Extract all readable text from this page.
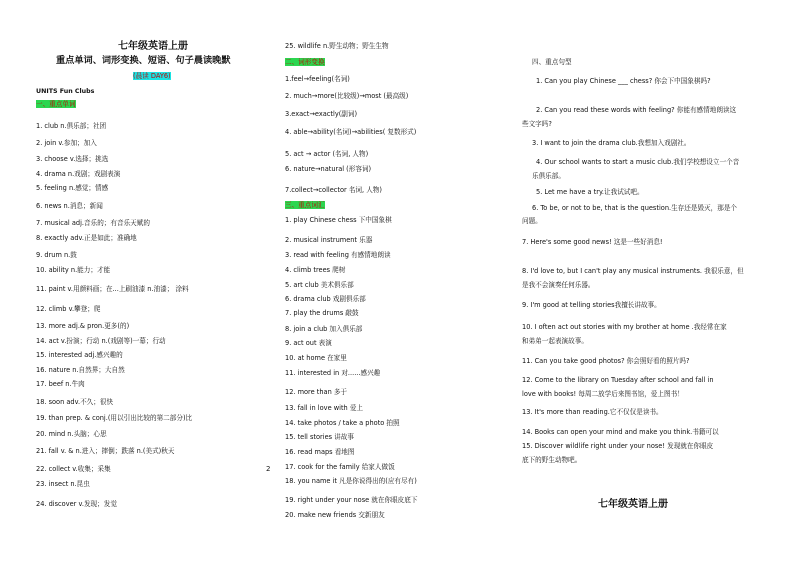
七年级英语上册
重点单词、词形变换、短语、句子晨读晚默
(晨读 DAY6)
UNITS Fun Clubs
一、重点单词
1. club n.俱乐部；社团
2. join v.参加；加入
3. choose v.选择；挑选
4. drama n.戏剧；戏剧表演
5. feeling n.感觉；情感
6. news n.消息；新闻
7. musical adj.音乐的；有音乐天赋的
8. exactly adv.正是如此；准确地
9. drum n.鼓
10. ability n.能力；才能
11. paint v.用颜料画；在...上刷油漆 n.油漆； 涂料
12. climb v.攀登；爬
13. more adj.& pron.更多(的)
14. act v.扮演；行动 n.(戏剧等)一幕；行动
15. interested adj.感兴趣的
16. nature n.自然界；大自然
17. beef n.牛肉
18. soon adv.不久；很快
19. than prep. & conj.(用以引出比较的第二部分)比
20. mind n.头脑；心思
21. fall v. & n.进入；摔倒；跌落 n.(美式)秋天
22. collect v.收集；采集
23. insect n.昆虫
24. discover v.发现；发觉
2
25. wildlife n.野生动物；野生生物
二、词形变换
1.feel→feeling(名词)
2. much→more(比较级)→most (最高级)
3.exact→exactly(副词)
4. able→ability(名词)→abilities( 复数形式)
5. act → actor (名词, 人物)
6. nature→natural (形容词)
7.collect→collector 名词, 人物)
三、重点词汇
1. play Chinese chess 下中国象棋
2. musical instrument 乐器
3. read with feeling 有感情地朗读
4. climb trees 爬树
5. art club 美术俱乐部
6. drama club 戏剧俱乐部
7. play the drums 敲鼓
8. join a club 加入俱乐部
9. act out 表演
10. at home 在家里
11. interested in 对......感兴趣
12. more than 多于
13. fall in love with 爱上
14. take photos / take a photo 拍照
15. tell stories 讲故事
16. read maps 看地图
17. cook for the family 给家人做饭
18. you name it 凡是你说得出的(应有尽有)
19. right under your nose 就在你眼皮底下
20. make new friends 交新朋友
四、重点句型
1. Can you play Chinese ___ chess? 你会下中国象棋吗?
2. Can you read these words with feeling? 你能有感情地朗读这
些文字吗?
3. I want to join the drama club.我想加入戏剧社。
4. Our school wants to start a music club.我们学校想设立一个音
乐俱乐部。
5. Let me have a try.让我试试吧。
6. To be, or not to be, that is the question.生存还是毁灭，那是个
问题。
7. Here's some good news! 这是一些好消息!
8. I'd love to, but I can't play any musical instruments. 我很乐意，但
是我不会演奏任何乐器。
9. I'm good at telling stories我擅长讲故事。
10. I often act out stories with my brother at home .我经常在家
和弟弟一起表演故事。
11. Can you take good photos? 你会照好看的照片吗?
12. Come to the library on Tuesday after school and fall in
love with books! 每周二放学后来图书馆，爱上图书！
13. It's more than reading.它不仅仅是读书。
14. Books can open your mind and make you think.书籍可以
15. Discover wildlife right under your nose! 发现就在你眼皮
底下的野生动物吧。
七年级英语上册
